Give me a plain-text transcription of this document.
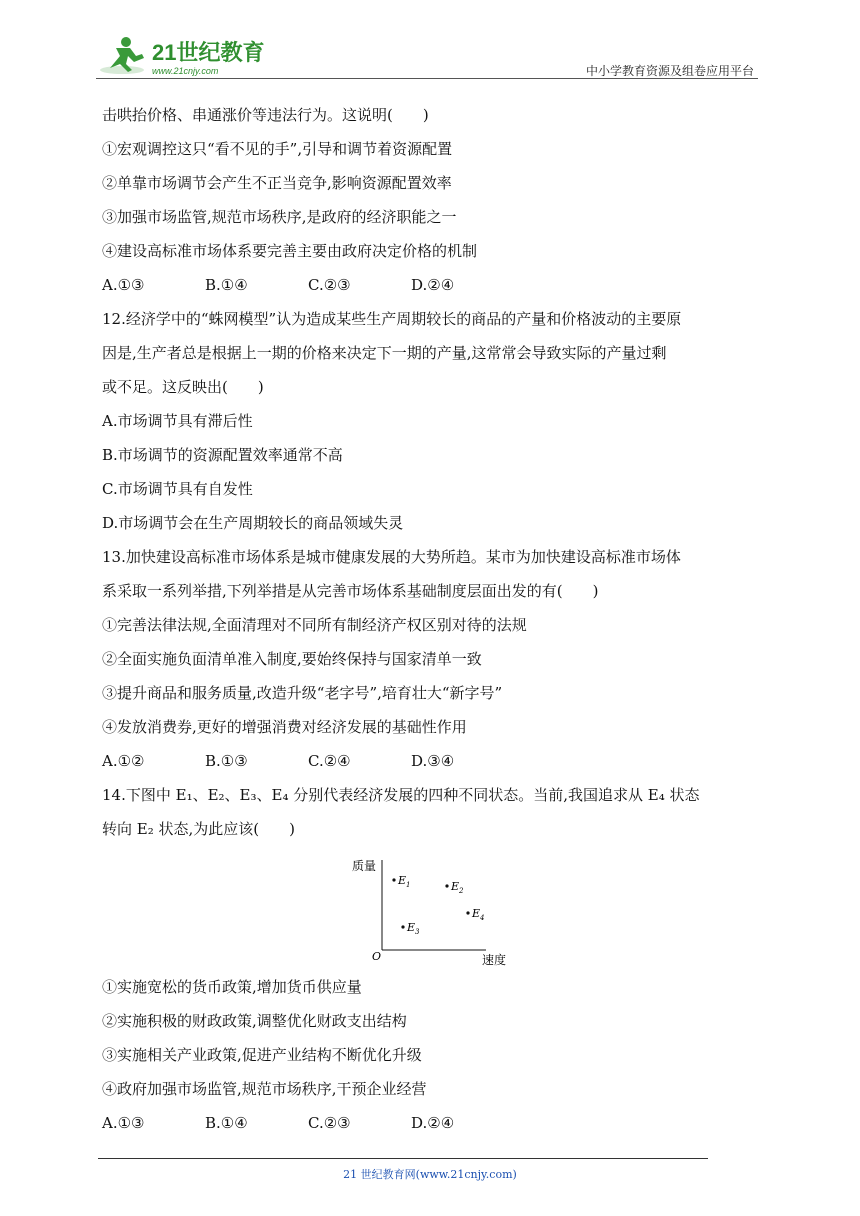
21世纪教育
www.21cnjy.com	中小学教育资源及组卷应用平台
击哄抬价格、串通涨价等违法行为。这说明(　　)
①宏观调控这只“看不见的手”,引导和调节着资源配置
②单靠市场调节会产生不正当竞争,影响资源配置效率
③加强市场监管,规范市场秩序,是政府的经济职能之一
④建设高标准市场体系要完善主要由政府决定价格的机制
A.①③	B.①④	C.②③	D.②④
12.经济学中的“蛛网模型”认为造成某些生产周期较长的商品的产量和价格波动的主要原
因是,生产者总是根据上一期的价格来决定下一期的产量,这常常会导致实际的产量过剩
或不足。这反映出(　　)
A.市场调节具有滞后性
B.市场调节的资源配置效率通常不高
C.市场调节具有自发性
D.市场调节会在生产周期较长的商品领域失灵
13.加快建设高标准市场体系是城市健康发展的大势所趋。某市为加快建设高标准市场体
系采取一系列举措,下列举措是从完善市场体系基础制度层面出发的有(　　)
①完善法律法规,全面清理对不同所有制经济产权区别对待的法规
②全面实施负面清单准入制度,要始终保持与国家清单一致
③提升商品和服务质量,改造升级“老字号”,培育壮大“新字号”
④发放消费券,更好的增强消费对经济发展的基础性作用
A.①②	B.①③	C.②④	D.③④
14.下图中 E₁、E₂、E₃、E₄ 分别代表经济发展的四种不同状态。当前,我国追求从 E₄ 状态
转向 E₂ 状态,为此应该(　　)
质量
速度
O
$E_1$	$E_2$
$E_3$
$E_4$
①实施宽松的货币政策,增加货币供应量
②实施积极的财政政策,调整优化财政支出结构
③实施相关产业政策,促进产业结构不断优化升级
④政府加强市场监管,规范市场秩序,干预企业经营
A.①③	B.①④	C.②③	D.②④
21 世纪教育网(www.21cnjy.com)
